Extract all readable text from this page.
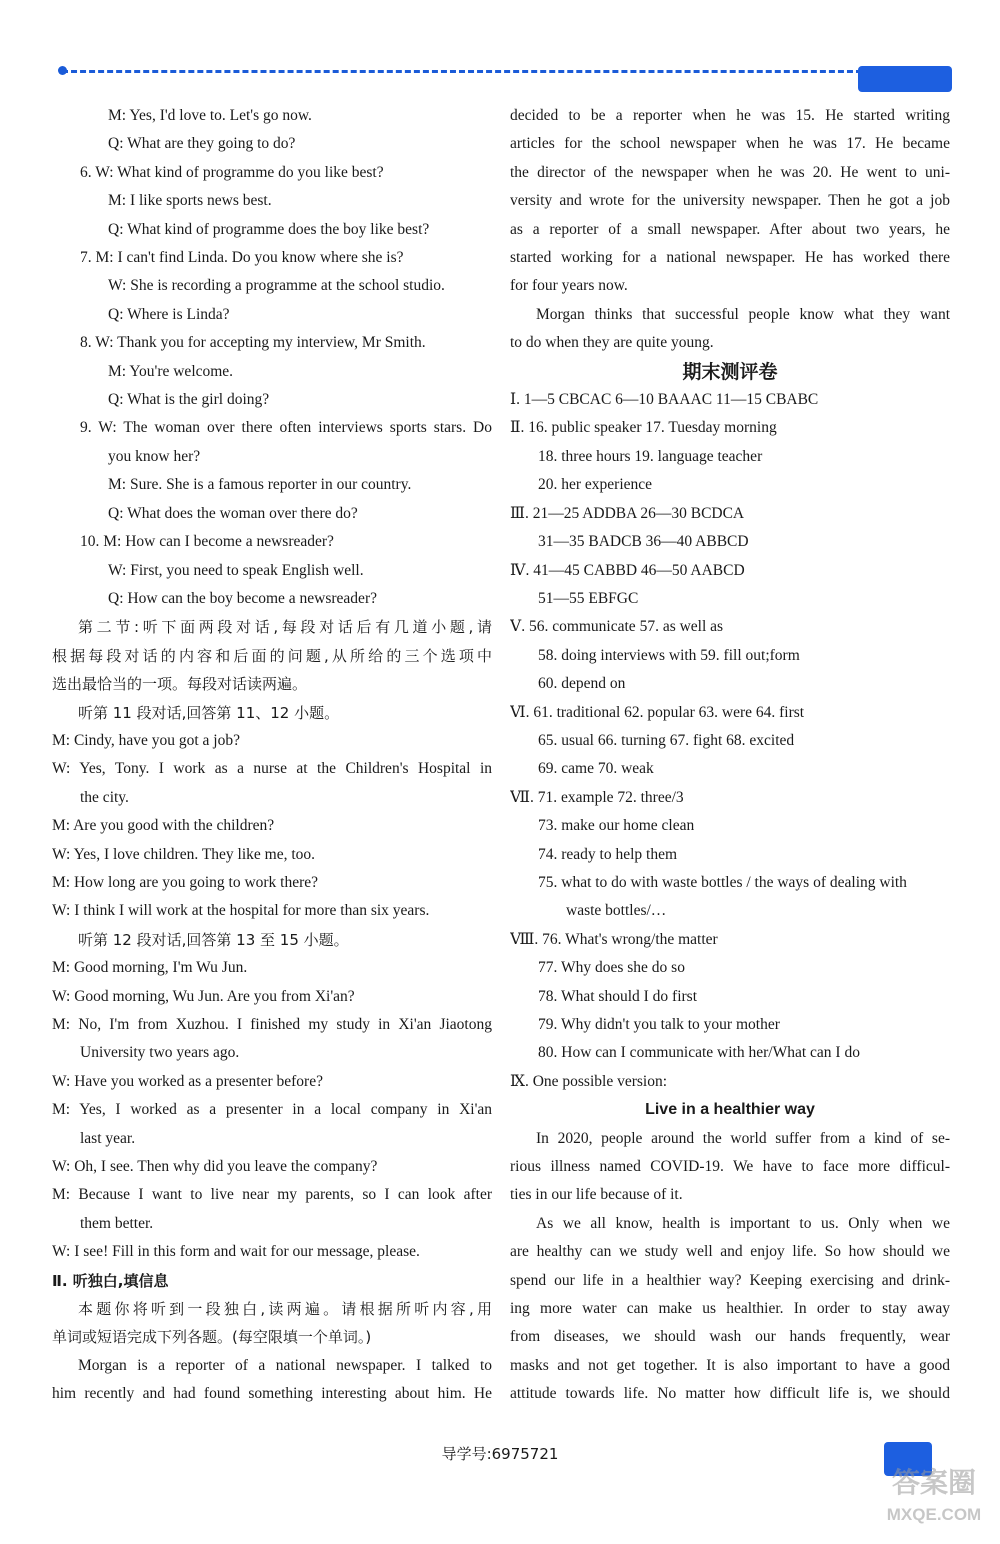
M: Yes, I'd love to. Let's go now.
Q: What are they going to do?
6. W: What kind of programme do you like best?
M: I like sports news best.
Q: What kind of programme does the boy like best?
7. M: I can't find Linda. Do you know where she is?
W: She is recording a programme at the school studio.
Q: Where is Linda?
8. W: Thank you for accepting my interview, Mr Smith.
M: You're welcome.
Q: What is the girl doing?
9. W: The woman over there often interviews sports stars. Do
you know her?
M: Sure. She is a famous reporter in our country.
Q: What does the woman over there do?
10. M: How can I become a newsreader?
W: First, you need to speak English well.
Q: How can the boy become a newsreader?
第二节:听下面两段对话,每段对话后有几道小题,请
根据每段对话的内容和后面的问题,从所给的三个选项中
选出最恰当的一项。每段对话读两遍。
听第 11 段对话,回答第 11、12 小题。
M: Cindy, have you got a job?
W: Yes, Tony. I work as a nurse at the Children's Hospital in
the city.
M: Are you good with the children?
W: Yes, I love children. They like me, too.
M: How long are you going to work there?
W: I think I will work at the hospital for more than six years.
听第 12 段对话,回答第 13 至 15 小题。
M: Good morning, I'm Wu Jun.
W: Good morning, Wu Jun. Are you from Xi'an?
M: No, I'm from Xuzhou. I finished my study in Xi'an Jiaotong
University two years ago.
W: Have you worked as a presenter before?
M: Yes, I worked as a presenter in a local company in Xi'an
last year.
W: Oh, I see. Then why did you leave the company?
M: Because I want to live near my parents, so I can look after
them better.
W: I see! Fill in this form and wait for our message, please.
Ⅱ. 听独白,填信息
本题你将听到一段独白,读两遍。请根据所听内容,用
单词或短语完成下列各题。(每空限填一个单词。)
Morgan is a reporter of a national newspaper. I talked to
him recently and had found something interesting about him. He
decided to be a reporter when he was 15. He started writing
articles for the school newspaper when he was 17. He became
the director of the newspaper when he was 20. He went to uni-
versity and wrote for the university newspaper. Then he got a job
as a reporter of a small newspaper. After about two years, he
started working for a national newspaper. He has worked there
for four years now.
Morgan thinks that successful people know what they want
to do when they are quite young.
期末测评卷
Ⅰ. 1—5 CBCAC 6—10 BAAAC 11—15 CBABC
Ⅱ. 16. public speaker 17. Tuesday morning
18. three hours 19. language teacher
20. her experience
Ⅲ. 21—25 ADDBA 26—30 BCDCA
31—35 BADCB 36—40 ABBCD
Ⅳ. 41—45 CABBD 46—50 AABCD
51—55 EBFGC
Ⅴ. 56. communicate 57. as well as
58. doing interviews with 59. fill out;form
60. depend on
Ⅵ. 61. traditional 62. popular 63. were 64. first
65. usual 66. turning 67. fight 68. excited
69. came 70. weak
Ⅶ. 71. example 72. three/3
73. make our home clean
74. ready to help them
75. what to do with waste bottles / the ways of dealing with
waste bottles/…
Ⅷ. 76. What's wrong/the matter
77. Why does she do so
78. What should I do first
79. Why didn't you talk to your mother
80. How can I communicate with her/What can I do
Ⅸ. One possible version:
Live in a healthier way
In 2020, people around the world suffer from a kind of se-
rious illness named COVID-19. We have to face more difficul-
ties in our life because of it.
As we all know, health is important to us. Only when we
are healthy can we study well and enjoy life. So how should we
spend our life in a healthier way? Keeping exercising and drink-
ing more water can make us healthier. In order to stay away
from diseases, we should wash our hands frequently, wear
masks and not get together. It is also important to have a good
attitude towards life. No matter how difficult life is, we should
导学号:6975721
答案圈
MXQE.COM
